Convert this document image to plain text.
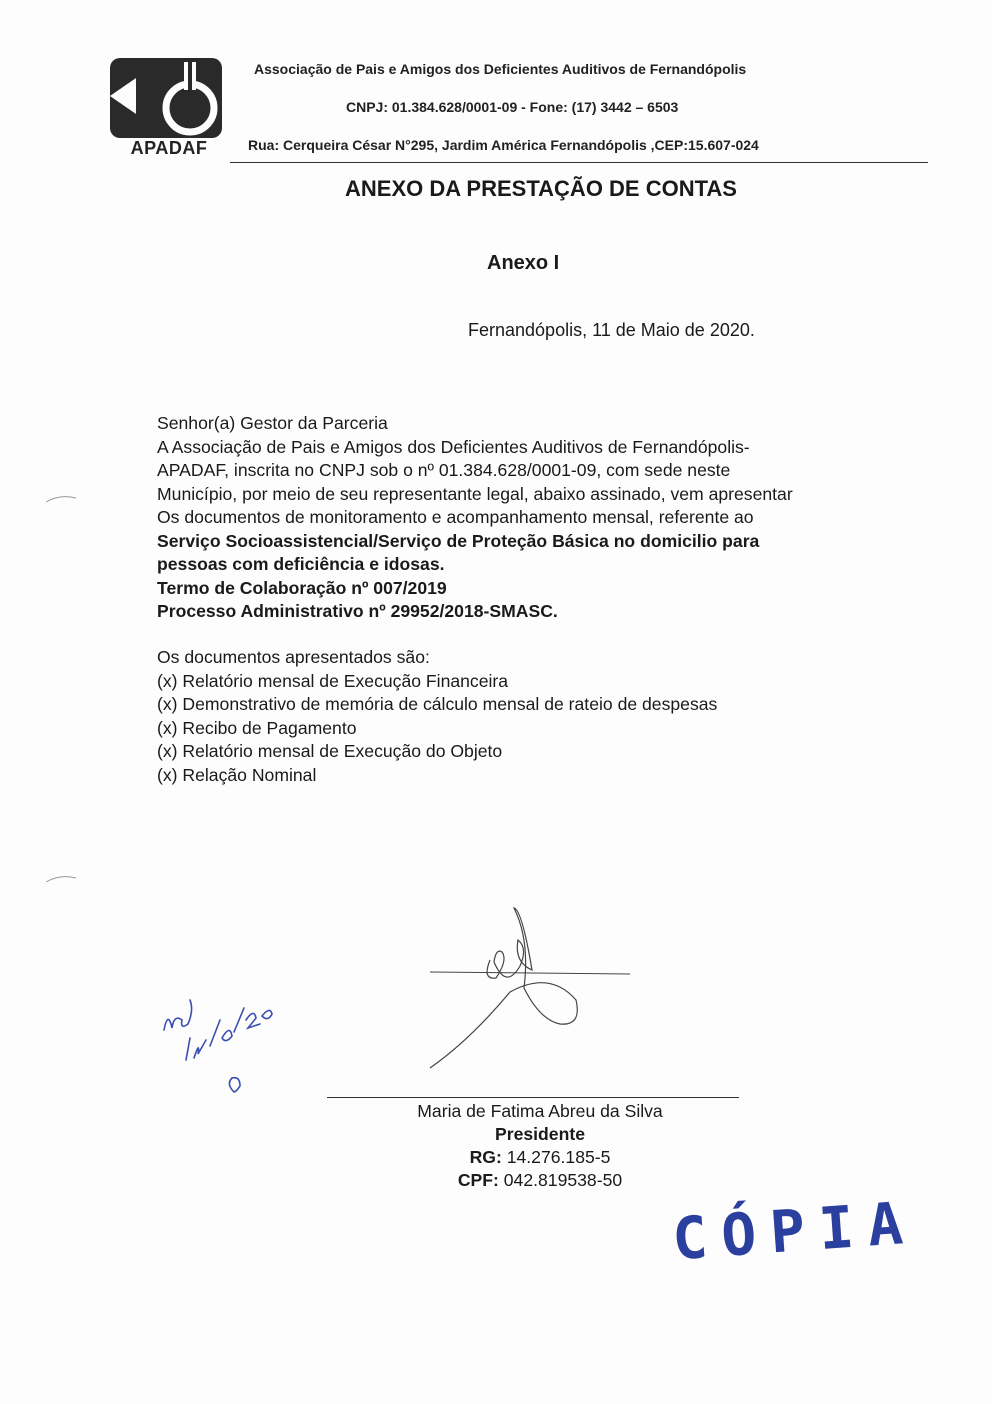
A
APADAF
Associação de Pais e Amigos dos Deficientes Auditivos de Fernandópolis
CNPJ: 01.384.628/0001-09 - Fone: (17) 3442 – 6503
Rua: Cerqueira César N°295, Jardim América Fernandópolis ,CEP:15.607-024
ANEXO DA PRESTAÇÃO DE CONTAS
Anexo I
Fernandópolis, 11 de Maio de 2020.
Senhor(a) Gestor da Parceria
A Associação de Pais e Amigos dos Deficientes Auditivos de Fernandópolis-
APADAF, inscrita no CNPJ sob o nº 01.384.628/0001-09, com sede neste
Município, por meio de seu representante legal, abaixo assinado, vem apresentar
Os documentos de monitoramento e acompanhamento mensal, referente ao
Serviço Socioassistencial/Serviço de Proteção Básica no domicilio para
pessoas com deficiência e idosas.
Termo de Colaboração nº 007/2019
Processo Administrativo nº 29952/2018-SMASC.
Os documentos apresentados são:
(x) Relatório mensal de Execução Financeira
(x) Demonstrativo de memória de cálculo mensal de rateio de despesas
(x) Recibo de Pagamento
(x) Relatório mensal de Execução do Objeto
(x) Relação Nominal
Maria de Fatima Abreu da Silva
Presidente
RG: 14.276.185-5
CPF: 042.819538-50
CÓPIA
